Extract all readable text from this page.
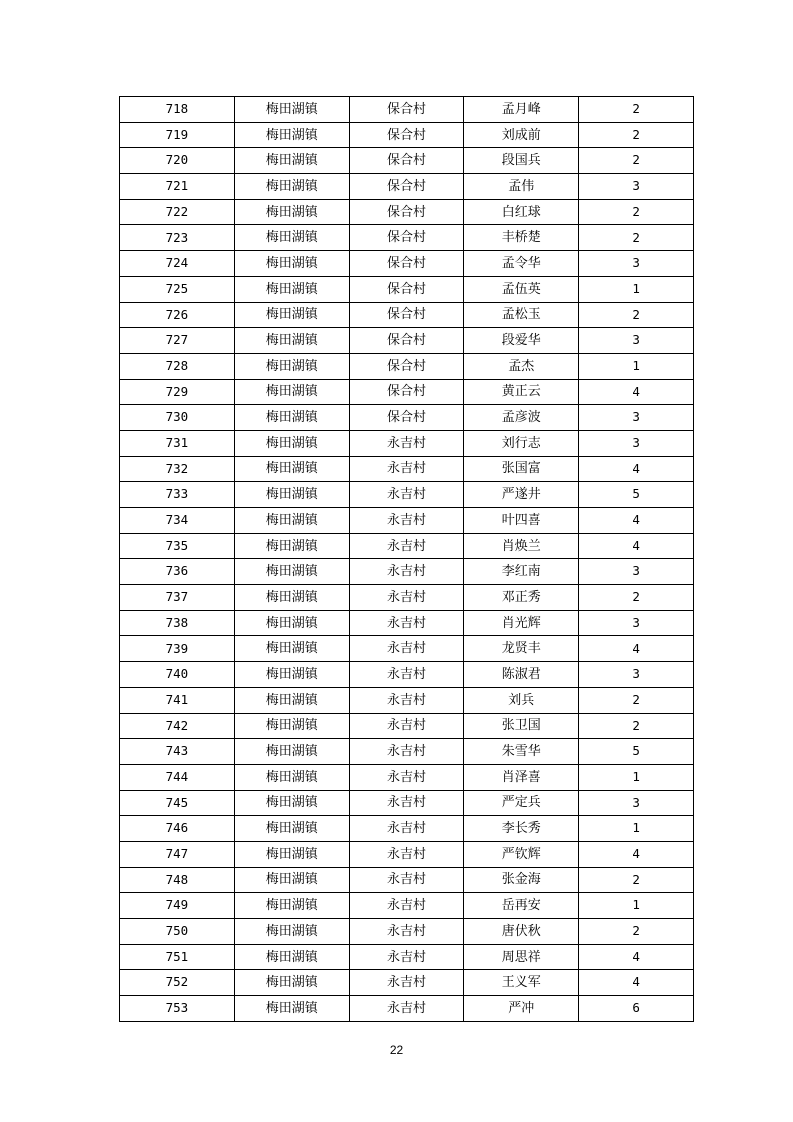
718	梅田湖镇	保合村	孟月峰	2
719	梅田湖镇	保合村	刘成前	2
720	梅田湖镇	保合村	段国兵	2
721	梅田湖镇	保合村	孟伟	3
722	梅田湖镇	保合村	白红球	2
723	梅田湖镇	保合村	丰桥楚	2
724	梅田湖镇	保合村	孟令华	3
725	梅田湖镇	保合村	孟伍英	1
726	梅田湖镇	保合村	孟松玉	2
727	梅田湖镇	保合村	段爱华	3
728	梅田湖镇	保合村	孟杰	1
729	梅田湖镇	保合村	黄正云	4
730	梅田湖镇	保合村	孟彦波	3
731	梅田湖镇	永吉村	刘行志	3
732	梅田湖镇	永吉村	张国富	4
733	梅田湖镇	永吉村	严遂井	5
734	梅田湖镇	永吉村	叶四喜	4
735	梅田湖镇	永吉村	肖焕兰	4
736	梅田湖镇	永吉村	李红南	3
737	梅田湖镇	永吉村	邓正秀	2
738	梅田湖镇	永吉村	肖光辉	3
739	梅田湖镇	永吉村	龙贤丰	4
740	梅田湖镇	永吉村	陈淑君	3
741	梅田湖镇	永吉村	刘兵	2
742	梅田湖镇	永吉村	张卫国	2
743	梅田湖镇	永吉村	朱雪华	5
744	梅田湖镇	永吉村	肖泽喜	1
745	梅田湖镇	永吉村	严定兵	3
746	梅田湖镇	永吉村	李长秀	1
747	梅田湖镇	永吉村	严钦辉	4
748	梅田湖镇	永吉村	张金海	2
749	梅田湖镇	永吉村	岳再安	1
750	梅田湖镇	永吉村	唐伏秋	2
751	梅田湖镇	永吉村	周思祥	4
752	梅田湖镇	永吉村	王义军	4
753	梅田湖镇	永吉村	严冲	6
22
